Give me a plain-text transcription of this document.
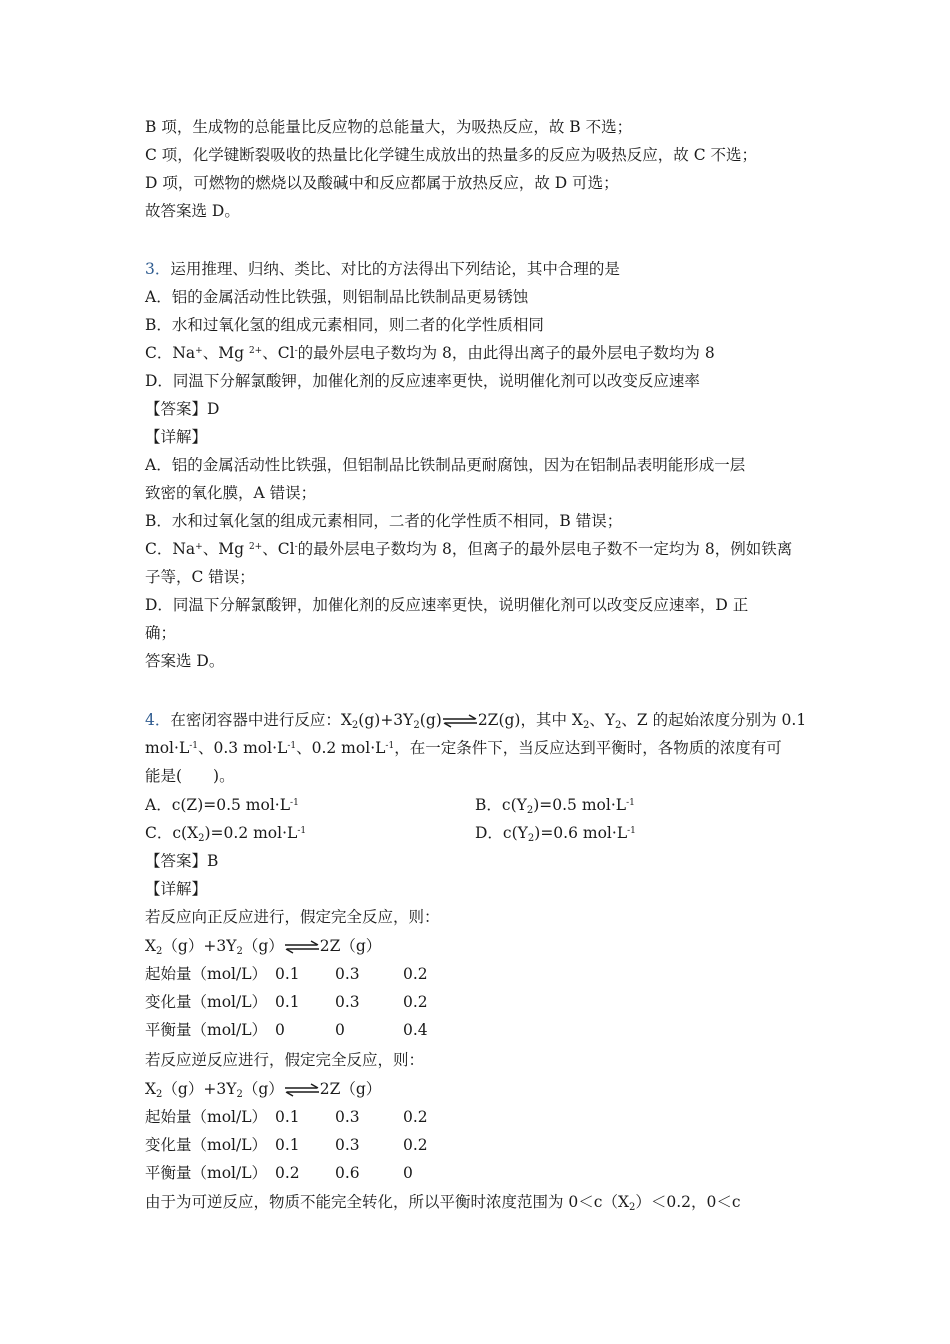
B 项，生成物的总能量比反应物的总能量大，为吸热反应，故 B 不选；
C 项，化学键断裂吸收的热量比化学键生成放出的热量多的反应为吸热反应，故 C 不选；
D 项，可燃物的燃烧以及酸碱中和反应都属于放热反应，故 D 可选；
故答案选 D。
3．运用推理、归纳、类比、对比的方法得出下列结论，其中合理的是
A．铝的金属活动性比铁强，则铝制品比铁制品更易锈蚀
B．水和过氧化氢的组成元素相同，则二者的化学性质相同
C．Na+、Mg $^{2+}$、Cl-的最外层电子数均为 8，由此得出离子的最外层电子数均为 8
D．同温下分解氯酸钾，加催化剂的反应速率更快，说明催化剂可以改变反应速率
【答案】D
【详解】
A．铝的金属活动性比铁强，但铝制品比铁制品更耐腐蚀，因为在铝制品表明能形成一层
致密的氧化膜，A 错误；
B．水和过氧化氢的组成元素相同，二者的化学性质不相同，B 错误；
C．Na+、Mg $^{2+}$、Cl-的最外层电子数均为 8，但离子的最外层电子数不一定均为 8，例如铁离
子等，C 错误；
D．同温下分解氯酸钾，加催化剂的反应速率更快，说明催化剂可以改变反应速率，D 正
确；
答案选 D。
4．在密闭容器中进行反应：$X_2(g)+3Y_2(g)\rightleftharpoons 2Z(g)$，其中 $X_2$、$Y_2$、Z 的起始浓度分别为 0.1
$mol\cdot L^{-1}$、0.3 $mol\cdot L^{-1}$、0.2 $mol\cdot L^{-1}$，在一定条件下，当反应达到平衡时，各物质的浓度有可
能是(　　)。
A．c(Z)=0.5 $mol\cdot L^{-1}$	B．$c(Y_2)=0.5$ $mol\cdot L^{-1}$
C．$c(X_2)=0.2$ $mol\cdot L^{-1}$	D．$c(Y_2)=0.6$ $mol\cdot L^{-1}$
【答案】B
【详解】
若反应向正反应进行，假定完全反应，则：
$X_2(g)+3Y_2(g)\rightleftharpoons 2Z(g)$
起始量（mol/L） 0.1 0.3	0.2
变化量（mol/L） 0.1 0.3	0.2
平衡量（mol/L） 0	0	0.4
若反应逆反应进行，假定完全反应，则：
$X_2(g)+3Y_2(g)\rightleftharpoons 2Z(g)$
起始量（mol/L） 0.1 0.3	0.2
变化量（mol/L） 0.1 0.3	0.2
平衡量（mol/L） 0.2 0.6	0
由于为可逆反应，物质不能完全转化，所以平衡时浓度范围为 $0<c(X_2)<0.2$，0＜c
